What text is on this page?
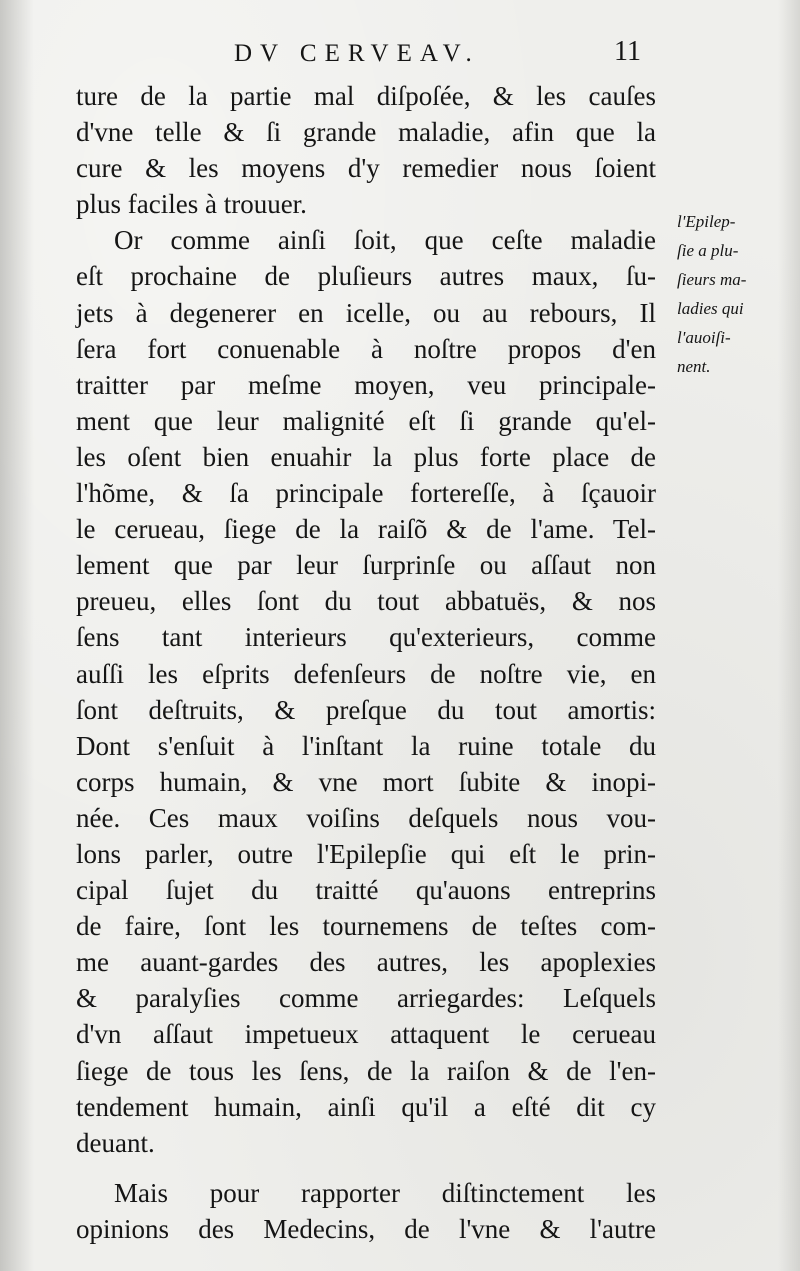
DV CERVEAV.	11
ture de la partie mal diſpoſée, & les cauſes
d'vne telle & ſi grande maladie, afin que la
cure & les moyens d'y remedier nous ſoient
plus faciles à trouuer.
Or comme ainſi ſoit, que ceſte maladie
eſt prochaine de pluſieurs autres maux, ſu-
jets à degenerer en icelle, ou au rebours, Il
ſera fort conuenable à noſtre propos d'en
traitter par meſme moyen, veu principale-
ment que leur malignité eſt ſi grande qu'el-
les oſent bien enuahir la plus forte place de
l'hõme, & ſa principale fortereſſe, à ſçauoir
le cerueau, ſiege de la raiſõ & de l'ame. Tel-
lement que par leur ſurprinſe ou aſſaut non
preueu, elles ſont du tout abbatuës, & nos
ſens tant interieurs qu'exterieurs, comme
auſſi les eſprits defenſeurs de noſtre vie, en
ſont deſtruits, & preſque du tout amortis:
Dont s'enſuit à l'inſtant la ruine totale du
corps humain, & vne mort ſubite & inopi-
née. Ces maux voiſins deſquels nous vou-
lons parler, outre l'Epilepſie qui eſt le prin-
cipal ſujet du traitté qu'auons entreprins
de faire, ſont les tournemens de teſtes com-
me auant-gardes des autres, les apoplexies
& paralyſies comme arriegardes: Leſquels
d'vn aſſaut impetueux attaquent le cerueau
ſiege de tous les ſens, de la raiſon & de l'en-
tendement humain, ainſi qu'il a eſté dit cy
deuant.
Mais pour rapporter diſtinctement les
opinions des Medecins, de l'vne & l'autre
l'Epilep-
ſie a plu-
ſieurs ma-
ladies qui
l'auoiſi-
nent.
